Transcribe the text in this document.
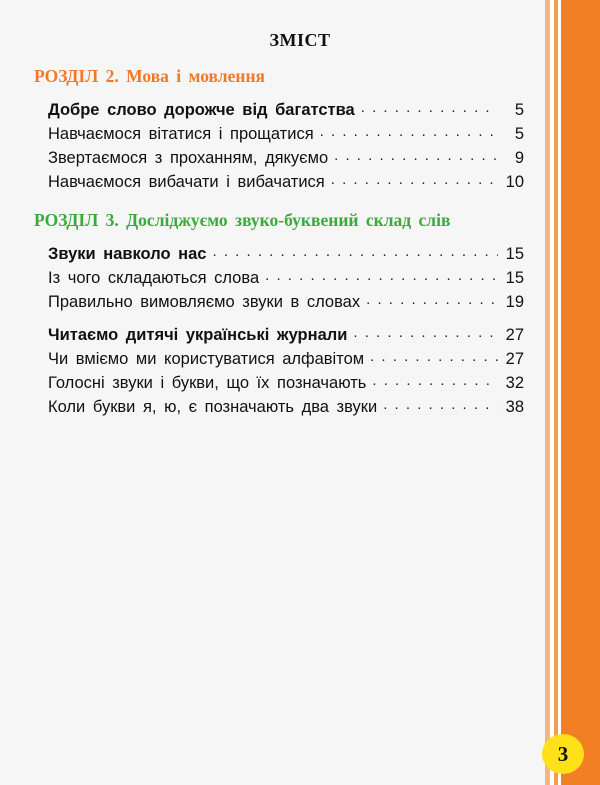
ЗМІСТ
РОЗДІЛ 2. Мова і мовлення
Добре слово дорожче від багатства . . .	5
Навчаємося вітатися і прощатися . . .	5
Звертаємося з проханням, дякуємо . . .	9
Навчаємося вибачати і вибачатися . . .	10
РОЗДІЛ 3. Досліджуємо звуко-буквений склад слів
Звуки навколо нас . . .	15
Із чого складаються слова . . .	15
Правильно вимовляємо звуки в словах . . .	19
Читаємо дитячі українські журнали . . .	27
Чи вміємо ми користуватися алфавітом . . .	27
Голосні звуки і букви, що їх позначають . . .	32
Коли букви я, ю, є позначають два звуки . . .	38
3
